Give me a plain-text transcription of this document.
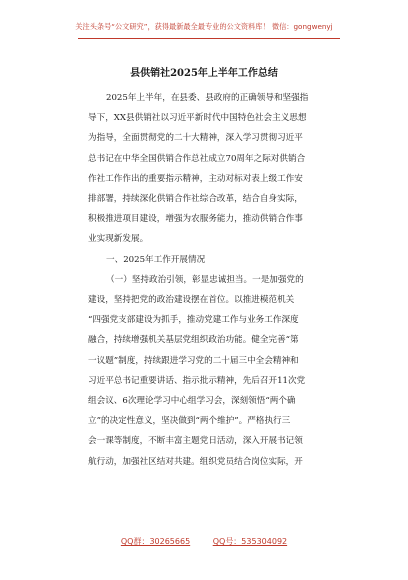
关注头条号“公文研究”，获得最新最全最专业的公文资料库！ 微信：gongwenyj
县供销社2025年上半年工作总结
2025年上半年，在县委、县政府的正确领导和坚强指
导下，XX县供销社以习近平新时代中国特色社会主义思想
为指导，全面贯彻党的二十大精神，深入学习贯彻习近平
总书记在中华全国供销合作总社成立70周年之际对供销合
作社工作作出的重要指示精神，主动对标对表上级工作安
排部署，持续深化供销合作社综合改革，结合自身实际，
积极推进项目建设，增强为农服务能力，推动供销合作事
业实现新发展。
一、2025年工作开展情况
（一）坚持政治引领，彰显忠诚担当。一是加强党的
建设，坚持把党的政治建设摆在首位。以推进模范机关
“四强党支部建设为抓手，推动党建工作与业务工作深度
融合，持续增强机关基层党组织政治功能。健全完善“第
一议题”制度，持续跟进学习党的二十届三中全会精神和
习近平总书记重要讲话、指示批示精神，先后召开11次党
组会议、6次理论学习中心组学习会，深刻领悟“两个确
立”的决定性意义，坚决做到“两个维护”。严格执行三
会一课等制度，不断丰富主题党日活动，深入开展书记领
航行动，加强社区结对共建。组织党员结合岗位实际，开
QQ群：30265665	QQ号：535304092
